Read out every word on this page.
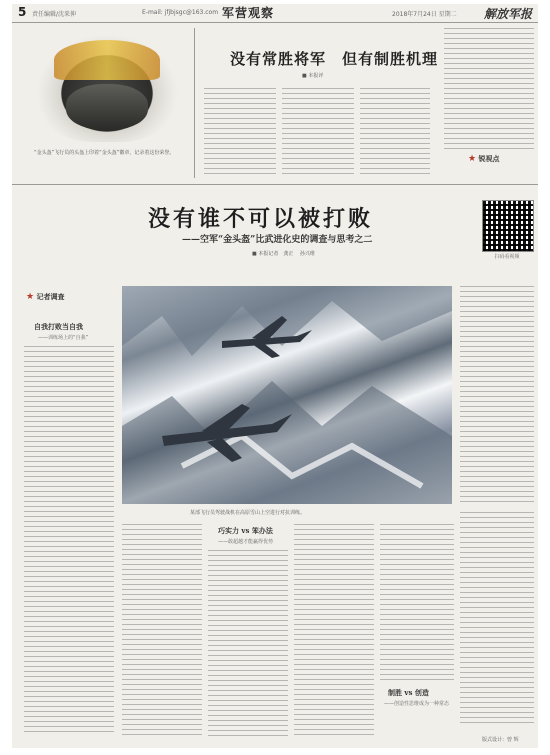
5 责任编辑/沈来伸	E-mail: jfjbjsgc@163.com 军营观察	2018年7月24日 星期二 解放军报
“金头盔”飞行员的头盔上印着“金头盔”徽章，记录着这份荣誉。
没有常胜将军　但有制胜机理
■ 本报评
★ 锐视点
没有谁不可以被打败
——空军“金头盔”比武进化史的调查与思考之二
■ 本报记者　龚正 　孙兴维	扫码看视频
★ 记者调查
自我打败当自我
——训练场上的“自我”
某部飞行员驾驶战机在高原雪山上空进行对抗训练。
巧实力 vs 笨办法
——敢超越才能赢得优势
制胜 vs 创造
——创造性思维成为一种常态
版式设计：曾 辉
